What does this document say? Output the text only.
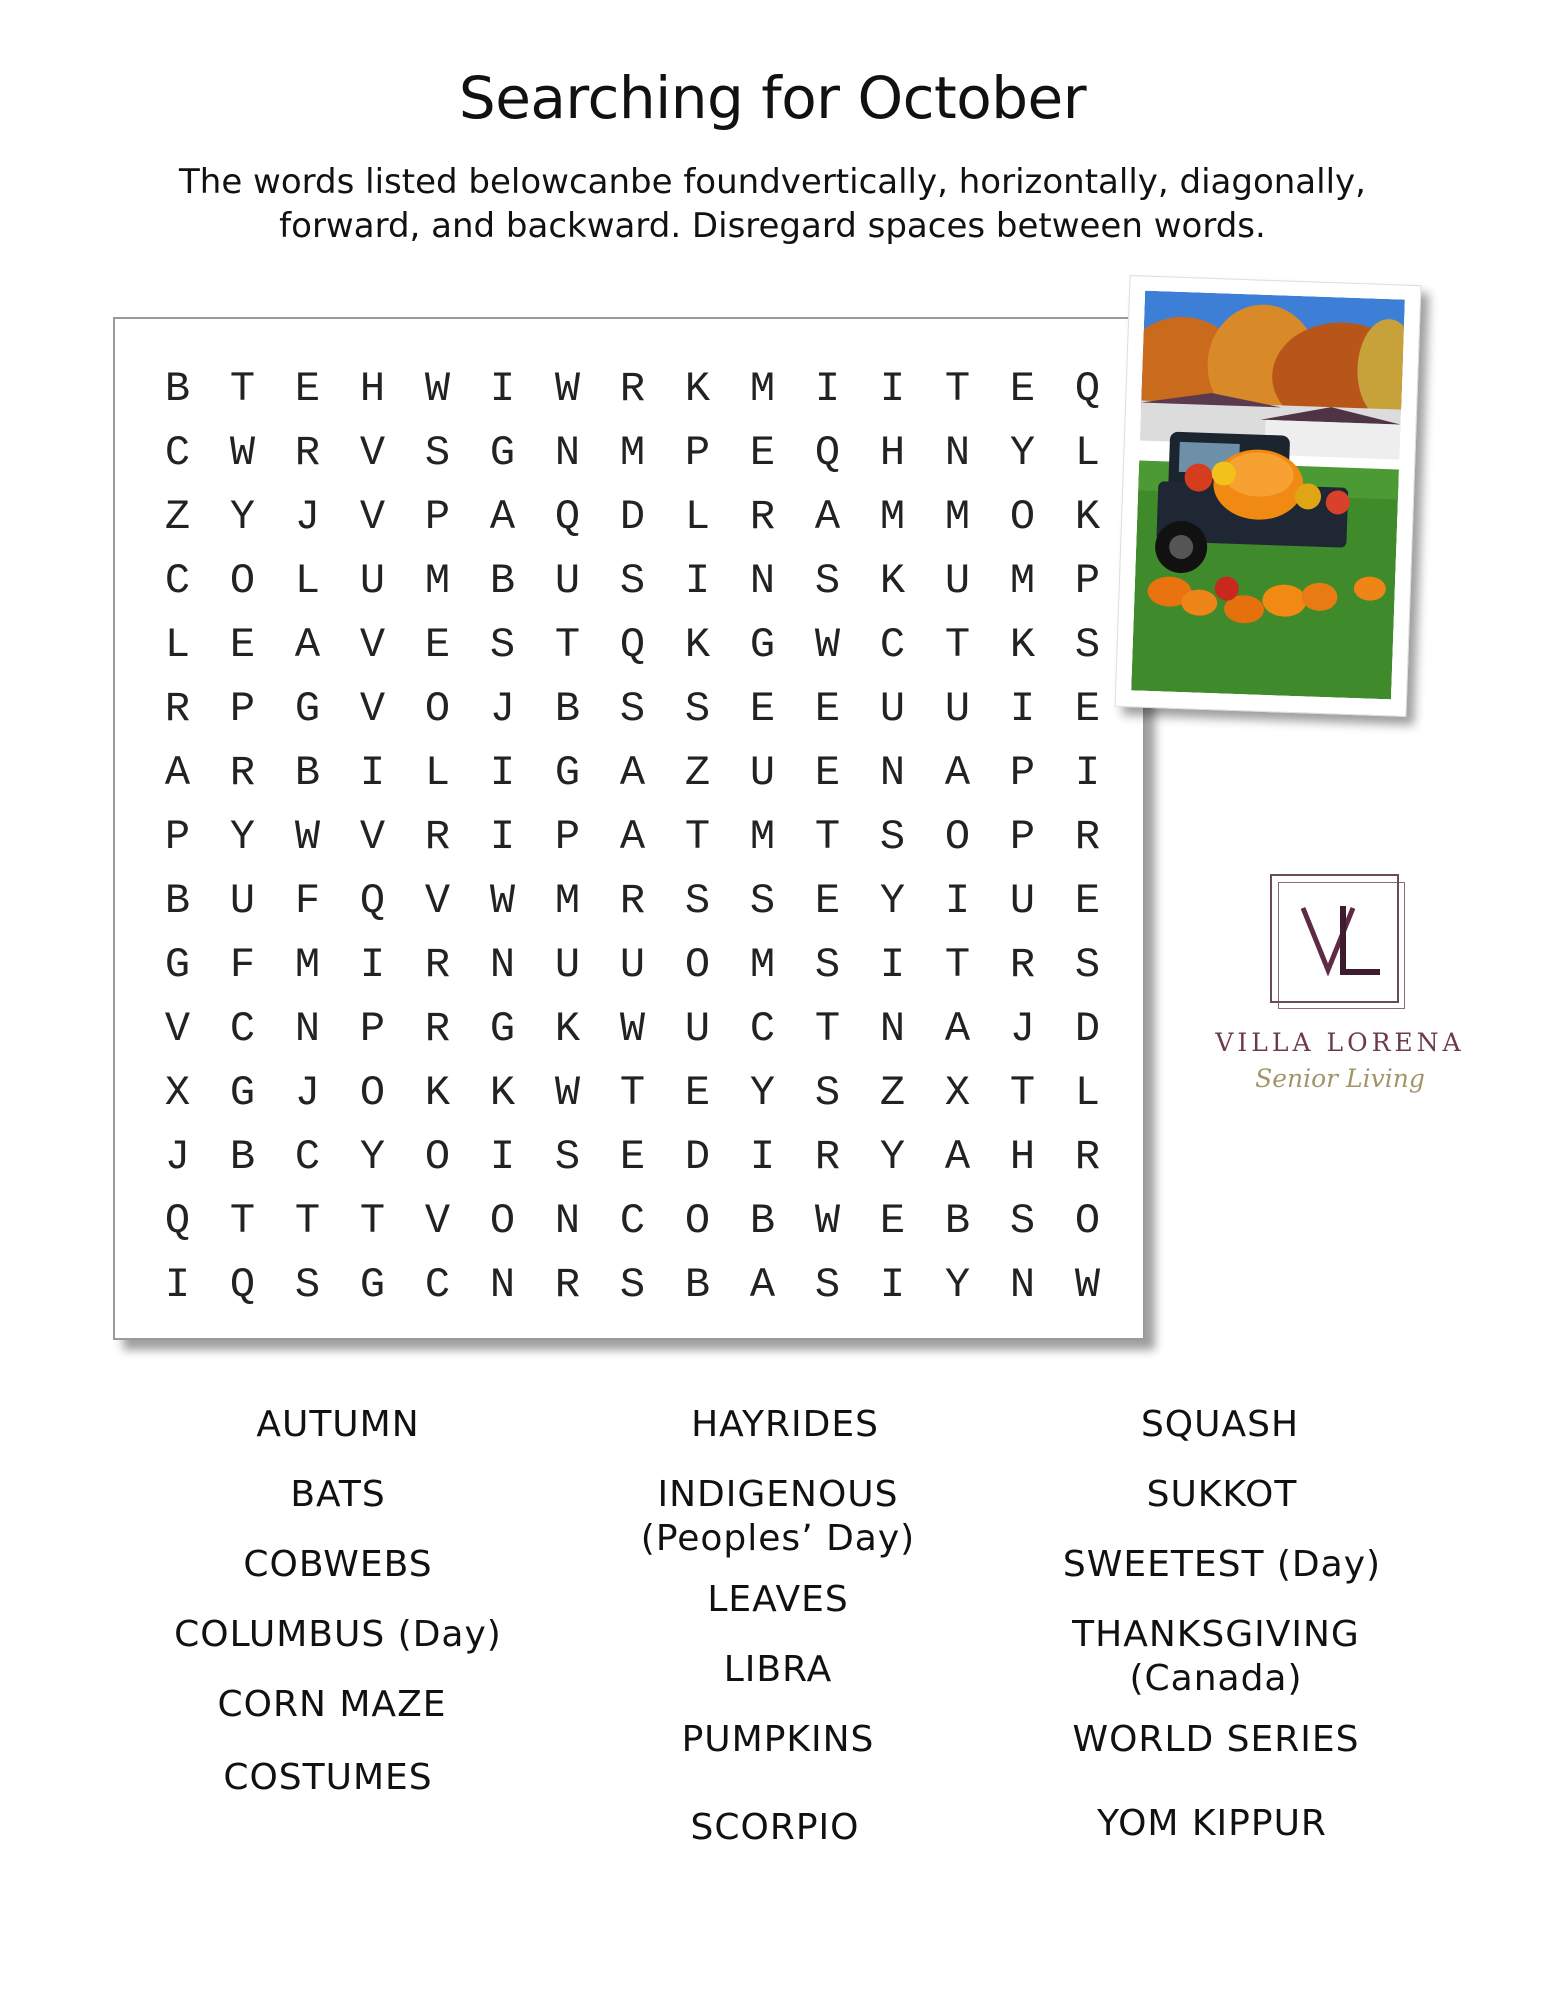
Searching for October
The words listed belowcanbe foundvertically, horizontally, diagonally,
forward, and backward. Disregard spaces between words.
B T E H W I W R K M I I T E Q
C W R V S G N M P E Q H N Y L
Z Y J V P A Q D L R A M M O K
C O L U M B U S I N S K U M P
L E A V E S T Q K G W C T K S
R P G V O J B S S E E U U I E
A R B I L I G A Z U E N A P I
P Y W V R I P A T M T S O P R
B U F Q V W M R S S E Y I U E
G F M I R N U U O M S I T R S
V C N P R G K W U C T N A J D
X G J O K K W T E Y S Z X T L
J B C Y O I S E D I R Y A H R
Q T T T V O N C O B W E B S O
I Q S G C N R S B A S I Y N W
VILLA LORENA
Senior Living
AUTUMN
BATS
COBWEBS
COLUMBUS (Day)
CORN MAZE
COSTUMES
HAYRIDES
INDIGENOUS
(Peoples’ Day)
LEAVES
LIBRA
PUMPKINS
SCORPIO
SQUASH
SUKKOT
SWEETEST (Day)
THANKSGIVING
(Canada)
WORLD SERIES
YOM KIPPUR
